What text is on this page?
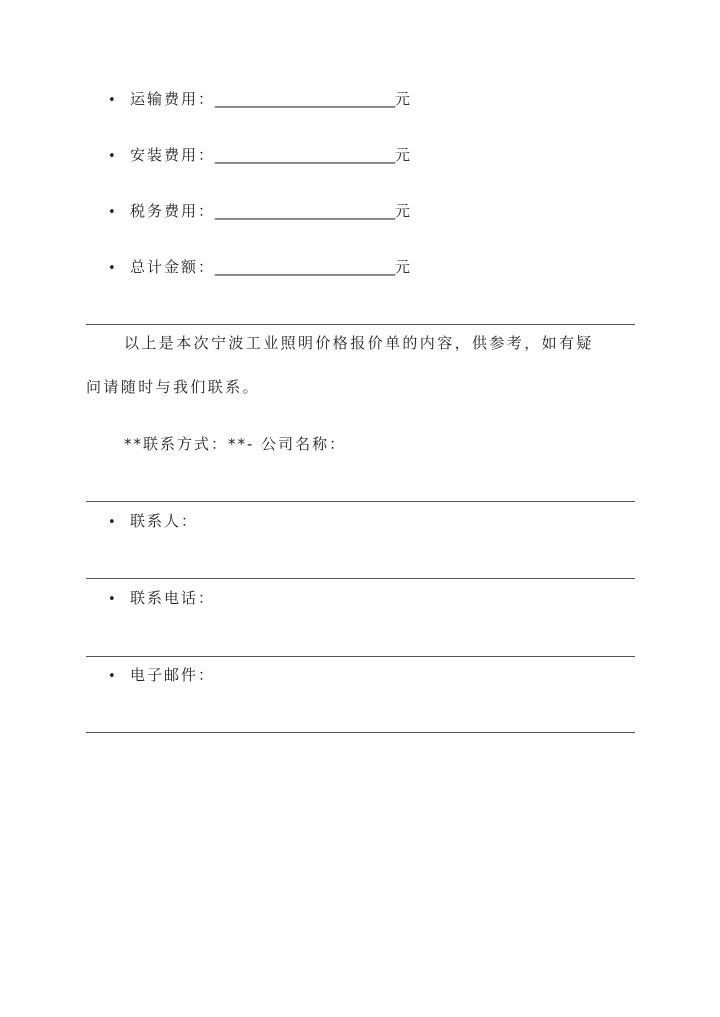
• 运输费用：________________________元
• 安装费用：________________________元
• 税务费用：________________________元
• 总计金额：________________________元
以上是本次宁波工业照明价格报价单的内容，供参考，如有疑
问请随时与我们联系。
**联系方式：**- 公司名称：
• 联系人：
• 联系电话：
• 电子邮件：
